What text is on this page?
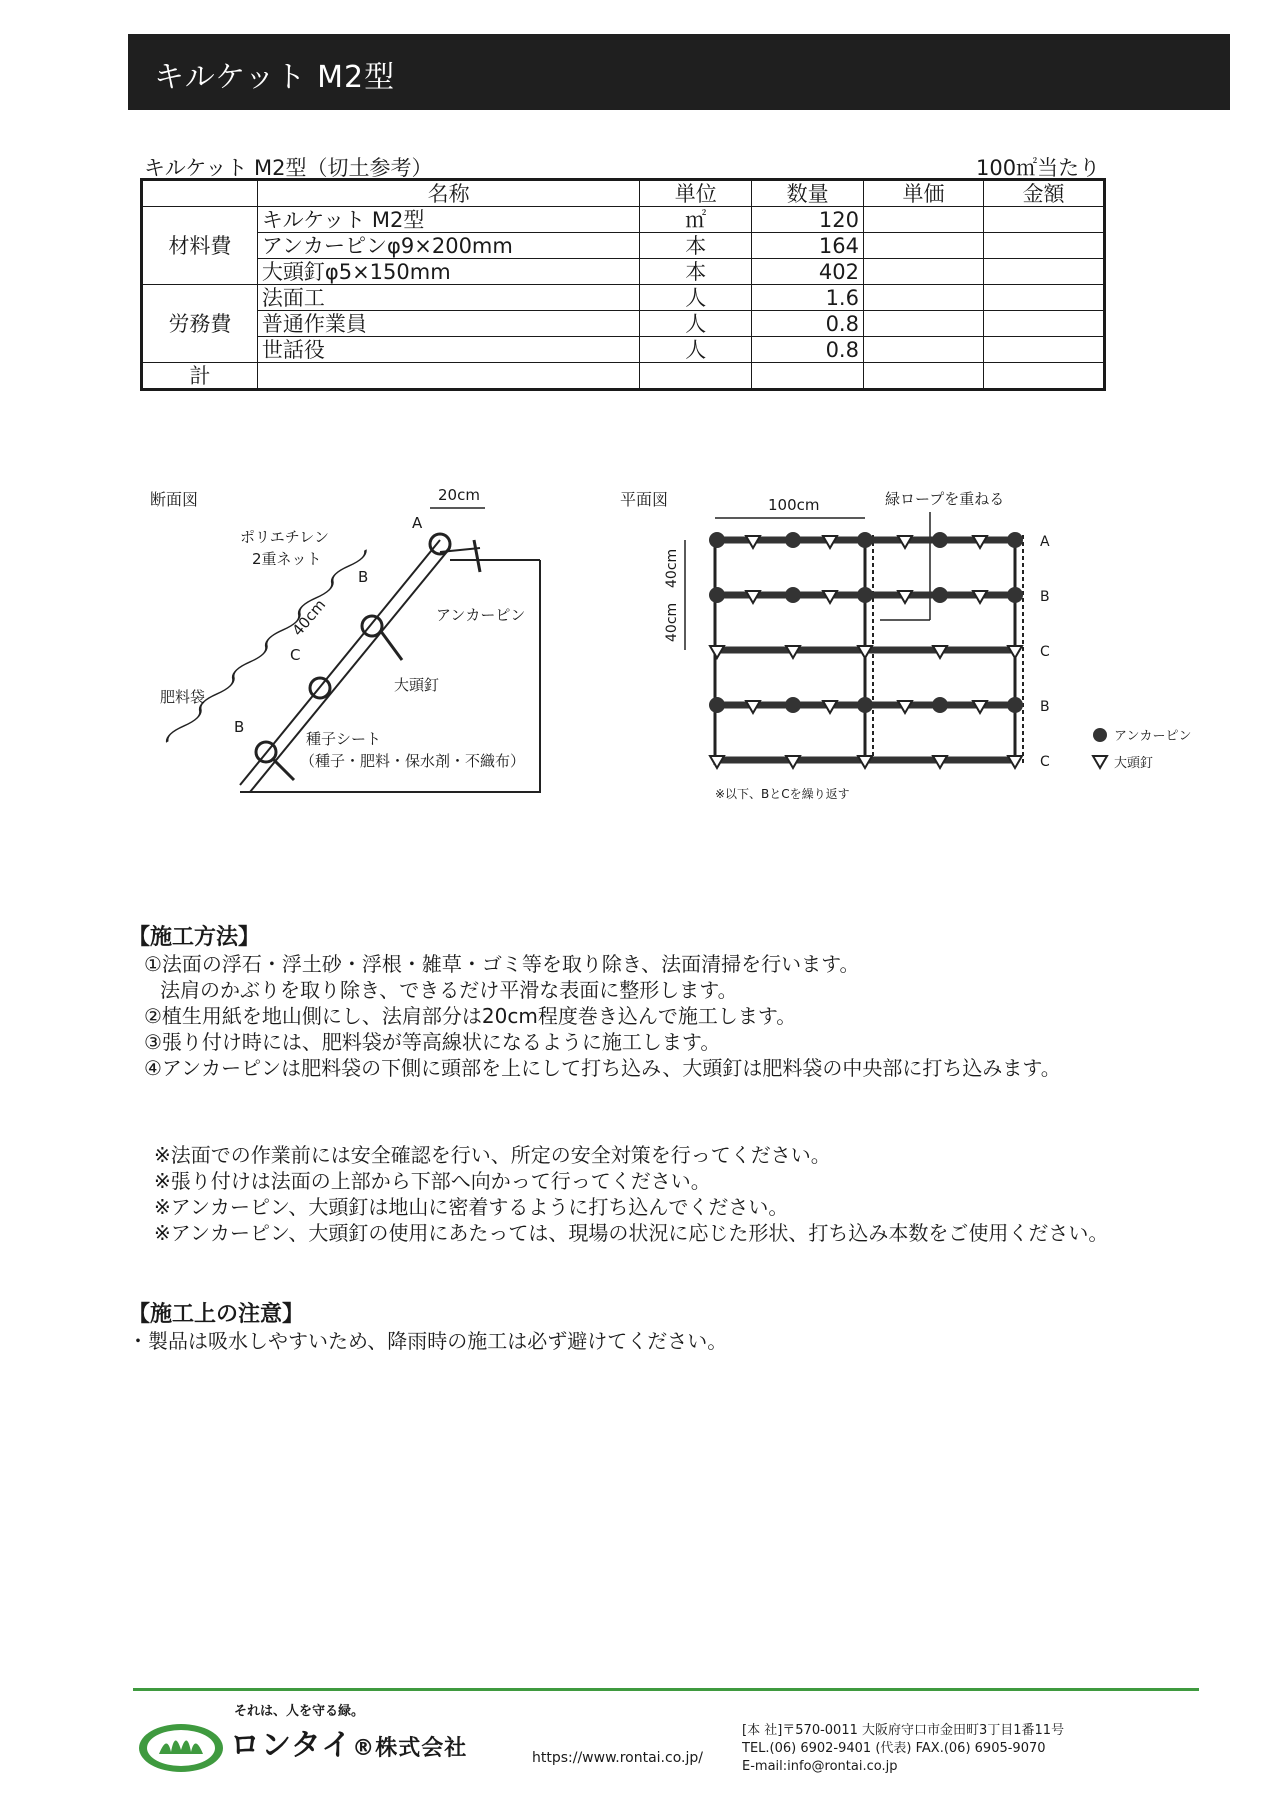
キルケット M2型
キルケット M2型（切土参考）	100㎡当たり
	名称	単位	数量	単価	金額
材料費	キルケット M2型	㎡	120		
	アンカーピンφ9×200mm	本	164		
	大頭釘φ5×150mm	本	402		
労務費	法面工	人	1.6		
	普通作業員	人	0.8		
	世話役	人	0.8		
計					
断面図	20cm
A
B
C
B
ポリエチレン
2重ネット
40cm	アンカーピン
大頭釘
肥料袋
種子シート
（種子・肥料・保水剤・不織布）
平面図	100cm	緑ロープを重ねる
40cm
40cm
A
B
C
B
C
アンカーピン
大頭釘
※以下、BとCを繰り返す
【施工方法】
①法面の浮石・浮土砂・浮根・雑草・ゴミ等を取り除き、法面清掃を行います。
法肩のかぶりを取り除き、できるだけ平滑な表面に整形します。
②植生用紙を地山側にし、法肩部分は20cm程度巻き込んで施工します。
③張り付け時には、肥料袋が等高線状になるように施工します。
④アンカーピンは肥料袋の下側に頭部を上にして打ち込み、大頭釘は肥料袋の中央部に打ち込みます。
※法面での作業前には安全確認を行い、所定の安全対策を行ってください。
※張り付けは法面の上部から下部へ向かって行ってください。
※アンカーピン、大頭釘は地山に密着するように打ち込んでください。
※アンカーピン、大頭釘の使用にあたっては、現場の状況に応じた形状、打ち込み本数をご使用ください。
【施工上の注意】
・製品は吸水しやすいため、降雨時の施工は必ず避けてください。
それは、人を守る緑。
ロンタイ®株式会社	https://www.rontai.co.jp/
[本 社]〒570-0011 大阪府守口市金田町3丁目1番11号
TEL.(06) 6902-9401 (代表) FAX.(06) 6905-9070
E-mail:info@rontai.co.jp
